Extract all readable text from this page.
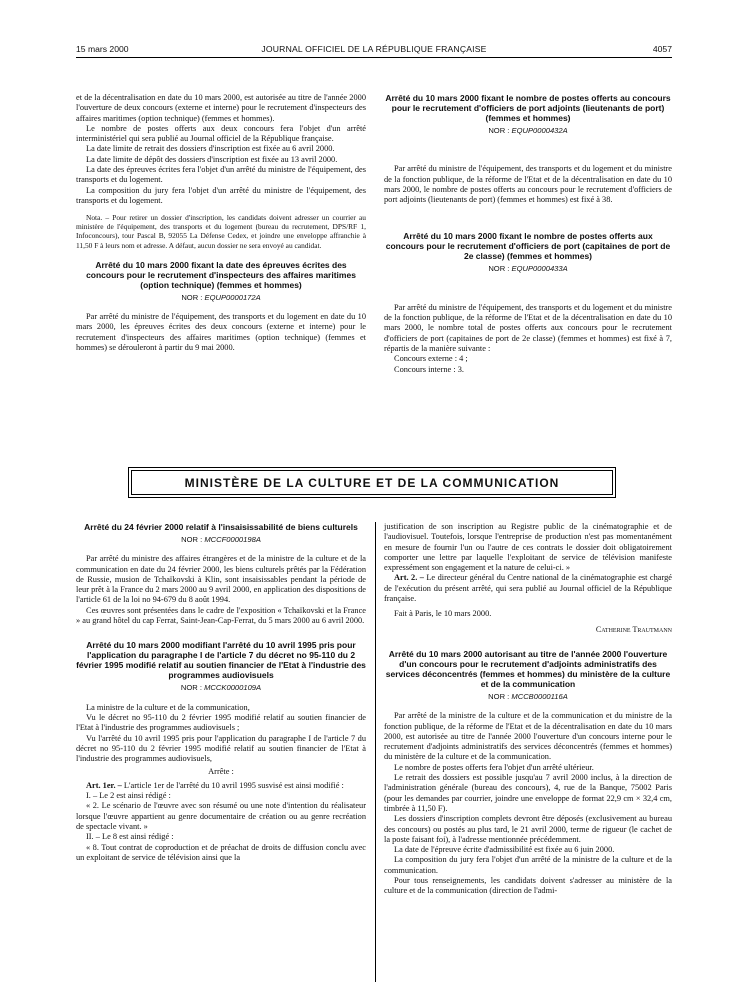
15 mars 2000	JOURNAL OFFICIEL DE LA RÉPUBLIQUE FRANÇAISE	4057

et de la décentralisation en date du 10 mars 2000, est autorisée au titre de l'année 2000 l'ouverture de deux concours (externe et interne) pour le recrutement d'inspecteurs des affaires maritimes (option technique) (femmes et hommes).

Le nombre de postes offerts aux deux concours fera l'objet d'un arrêté interministériel qui sera publié au Journal officiel de la République française.

La date limite de retrait des dossiers d'inscription est fixée au 6 avril 2000.

La date limite de dépôt des dossiers d'inscription est fixée au 13 avril 2000.

La date des épreuves écrites fera l'objet d'un arrêté du ministre de l'équipement, des transports et du logement.

La composition du jury fera l'objet d'un arrêté du ministre de l'équipement, des transports et du logement.

Nota. – Pour retirer un dossier d'inscription, les candidats doivent adresser un courrier au ministère de l'équipement, des transports et du logement (bureau du recrutement, DPS/RF 1, Infoconcours), tour Pascal B, 92055 La Défense Cedex, et joindre une enveloppe affranchie à 11,50 F à leurs nom et adresse. A défaut, aucun dossier ne sera envoyé au candidat.

Arrêté du 10 mars 2000 fixant la date des épreuves écrites des concours pour le recrutement d'inspecteurs des affaires maritimes (option technique) (femmes et hommes)

NOR : EQUP0000172A

Par arrêté du ministre de l'équipement, des transports et du logement en date du 10 mars 2000, les épreuves écrites des deux concours (externe et interne) pour le recrutement d'inspecteurs des affaires maritimes (option technique) (femmes et hommes) se dérouleront à partir du 9 mai 2000.

Arrêté du 10 mars 2000 fixant le nombre de postes offerts au concours pour le recrutement d'officiers de port adjoints (lieutenants de port) (femmes et hommes)

NOR : EQUP0000432A

Par arrêté du ministre de l'équipement, des transports et du logement et du ministre de la fonction publique, de la réforme de l'Etat et de la décentralisation en date du 10 mars 2000, le nombre de postes offerts au concours pour le recrutement d'officiers de port adjoints (lieutenants de port) (femmes et hommes) est fixé à 38.

Arrêté du 10 mars 2000 fixant le nombre de postes offerts aux concours pour le recrutement d'officiers de port (capitaines de port de 2e classe) (femmes et hommes)

NOR : EQUP0000433A

Par arrêté du ministre de l'équipement, des transports et du logement et du ministre de la fonction publique, de la réforme de l'Etat et de la décentralisation en date du 10 mars 2000, le nombre total de postes offerts aux concours pour le recrutement d'officiers de port (capitaines de port de 2e classe) (femmes et hommes) est fixé à 7, répartis de la manière suivante :

Concours externe : 4 ;

Concours interne : 3.

MINISTÈRE DE LA CULTURE ET DE LA COMMUNICATION

Arrêté du 24 février 2000 relatif à l'insaisissabilité de biens culturels

NOR : MCCF0000198A

Par arrêté du ministre des affaires étrangères et de la ministre de la culture et de la communication en date du 24 février 2000, les biens culturels prêtés par la Fédération de Russie, musion de Tchaïkovski à Klin, sont insaisissables pendant la période de leur prêt à la France du 2 mars 2000 au 9 avril 2000, en application des dispositions de l'article 61 de la loi no 94-679 du 8 août 1994.

Ces œuvres sont présentées dans le cadre de l'exposition « Tchaïkovski et la France » au grand hôtel du cap Ferrat, Saint-Jean-Cap-Ferrat, du 5 mars 2000 au 6 avril 2000.

Arrêté du 10 mars 2000 modifiant l'arrêté du 10 avril 1995 pris pour l'application du paragraphe I de l'article 7 du décret no 95-110 du 2 février 1995 modifié relatif au soutien financier de l'Etat à l'industrie des programmes audiovisuels

NOR : MCCK0000109A

La ministre de la culture et de la communication,

Vu le décret no 95-110 du 2 février 1995 modifié relatif au soutien financier de l'Etat à l'industrie des programmes audiovisuels ;

Vu l'arrêté du 10 avril 1995 pris pour l'application du paragraphe I de l'article 7 du décret no 95-110 du 2 février 1995 modifié relatif au soutien financier de l'Etat à l'industrie des programmes audiovisuels,

Arrête :

Art. 1er. – L'article 1er de l'arrêté du 10 avril 1995 susvisé est ainsi modifié :

I. – Le 2 est ainsi rédigé :

« 2. Le scénario de l'œuvre avec son résumé ou une note d'intention du réalisateur lorsque l'œuvre appartient au genre documentaire de création ou au genre recréation de spectacle vivant. »

II. – Le 8 est ainsi rédigé :

« 8. Tout contrat de coproduction et de préachat de droits de diffusion conclu avec un exploitant de service de télévision ainsi que la

justification de son inscription au Registre public de la cinématographie et de l'audiovisuel. Toutefois, lorsque l'entreprise de production n'est pas momentanément en mesure de fournir l'un ou l'autre de ces contrats le dossier doit obligatoirement comporter une lettre par laquelle l'exploitant de service de télévision manifeste expressément son engagement et la nature de celui-ci. »

Art. 2. – Le directeur général du Centre national de la cinématographie est chargé de l'exécution du présent arrêté, qui sera publié au Journal officiel de la République française.

Fait à Paris, le 10 mars 2000.

Catherine Trautmann

Arrêté du 10 mars 2000 autorisant au titre de l'année 2000 l'ouverture d'un concours pour le recrutement d'adjoints administratifs des services déconcentrés (femmes et hommes) du ministère de la culture et de la communication

NOR : MCCB0000116A

Par arrêté de la ministre de la culture et de la communication et du ministre de la fonction publique, de la réforme de l'Etat et de la décentralisation en date du 10 mars 2000, est autorisée au titre de l'année 2000 l'ouverture d'un concours interne pour le recrutement d'adjoints administratifs des services déconcentrés (femmes et hommes) du ministère de la culture et de la communication.

Le nombre de postes offerts fera l'objet d'un arrêté ultérieur.

Le retrait des dossiers est possible jusqu'au 7 avril 2000 inclus, à la direction de l'administration générale (bureau des concours), 4, rue de la Banque, 75002 Paris (pour les demandes par courrier, joindre une enveloppe de format 22,9 cm × 32,4 cm, timbrée à 11,50 F).

Les dossiers d'inscription complets devront être déposés (exclusivement au bureau des concours) ou postés au plus tard, le 21 avril 2000, terme de rigueur (le cachet de la poste faisant foi), à l'adresse mentionnée précédemment.

La date de l'épreuve écrite d'admissibilité est fixée au 6 juin 2000.

La composition du jury fera l'objet d'un arrêté de la ministre de la culture et de la communication.

Pour tous renseignements, les candidats doivent s'adresser au ministère de la culture et de la communication (direction de l'admi-
